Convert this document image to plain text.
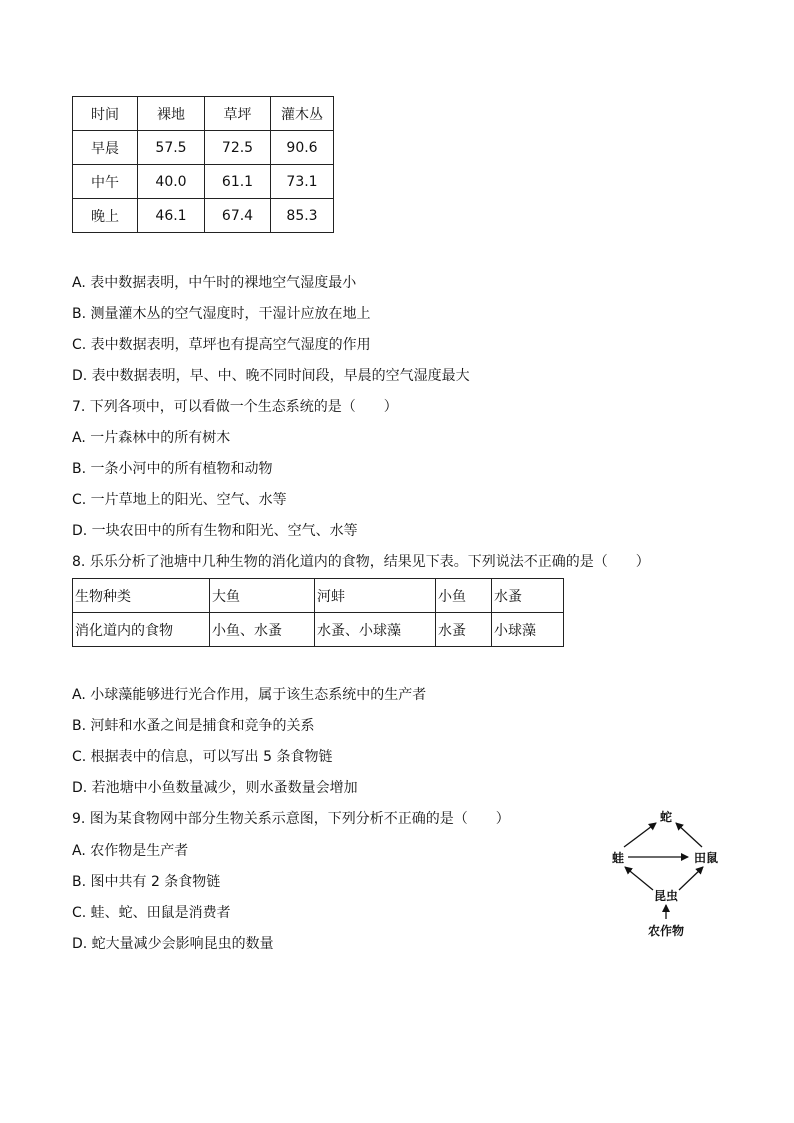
时间	裸地	草坪	灌木丛
早晨	57.5	72.5	90.6
中午	40.0	61.1	73.1
晚上	46.1	67.4	85.3
A. 表中数据表明，中午时的裸地空气湿度最小
B. 测量灌木丛的空气湿度时，干湿计应放在地上
C. 表中数据表明，草坪也有提高空气湿度的作用
D. 表中数据表明，早、中、晚不同时间段，早晨的空气湿度最大
7. 下列各项中，可以看做一个生态系统的是（　　）
A. 一片森林中的所有树木
B. 一条小河中的所有植物和动物
C. 一片草地上的阳光、空气、水等
D. 一块农田中的所有生物和阳光、空气、水等
8. 乐乐分析了池塘中几种生物的消化道内的食物，结果见下表。下列说法不正确的是（　　）
生物种类	大鱼	河蚌	小鱼	水蚤
消化道内的食物	小鱼、水蚤	水蚤、小球藻	水蚤	小球藻
A. 小球藻能够进行光合作用，属于该生态系统中的生产者
B. 河蚌和水蚤之间是捕食和竞争的关系
C. 根据表中的信息，可以写出 5 条食物链
D. 若池塘中小鱼数量减少，则水蚤数量会增加
9. 图为某食物网中部分生物关系示意图，下列分析不正确的是（　　）
A. 农作物是生产者
B. 图中共有 2 条食物链
C. 蛙、蛇、田鼠是消费者
D. 蛇大量减少会影响昆虫的数量
蛇
蛙	田鼠
昆虫
农作物
